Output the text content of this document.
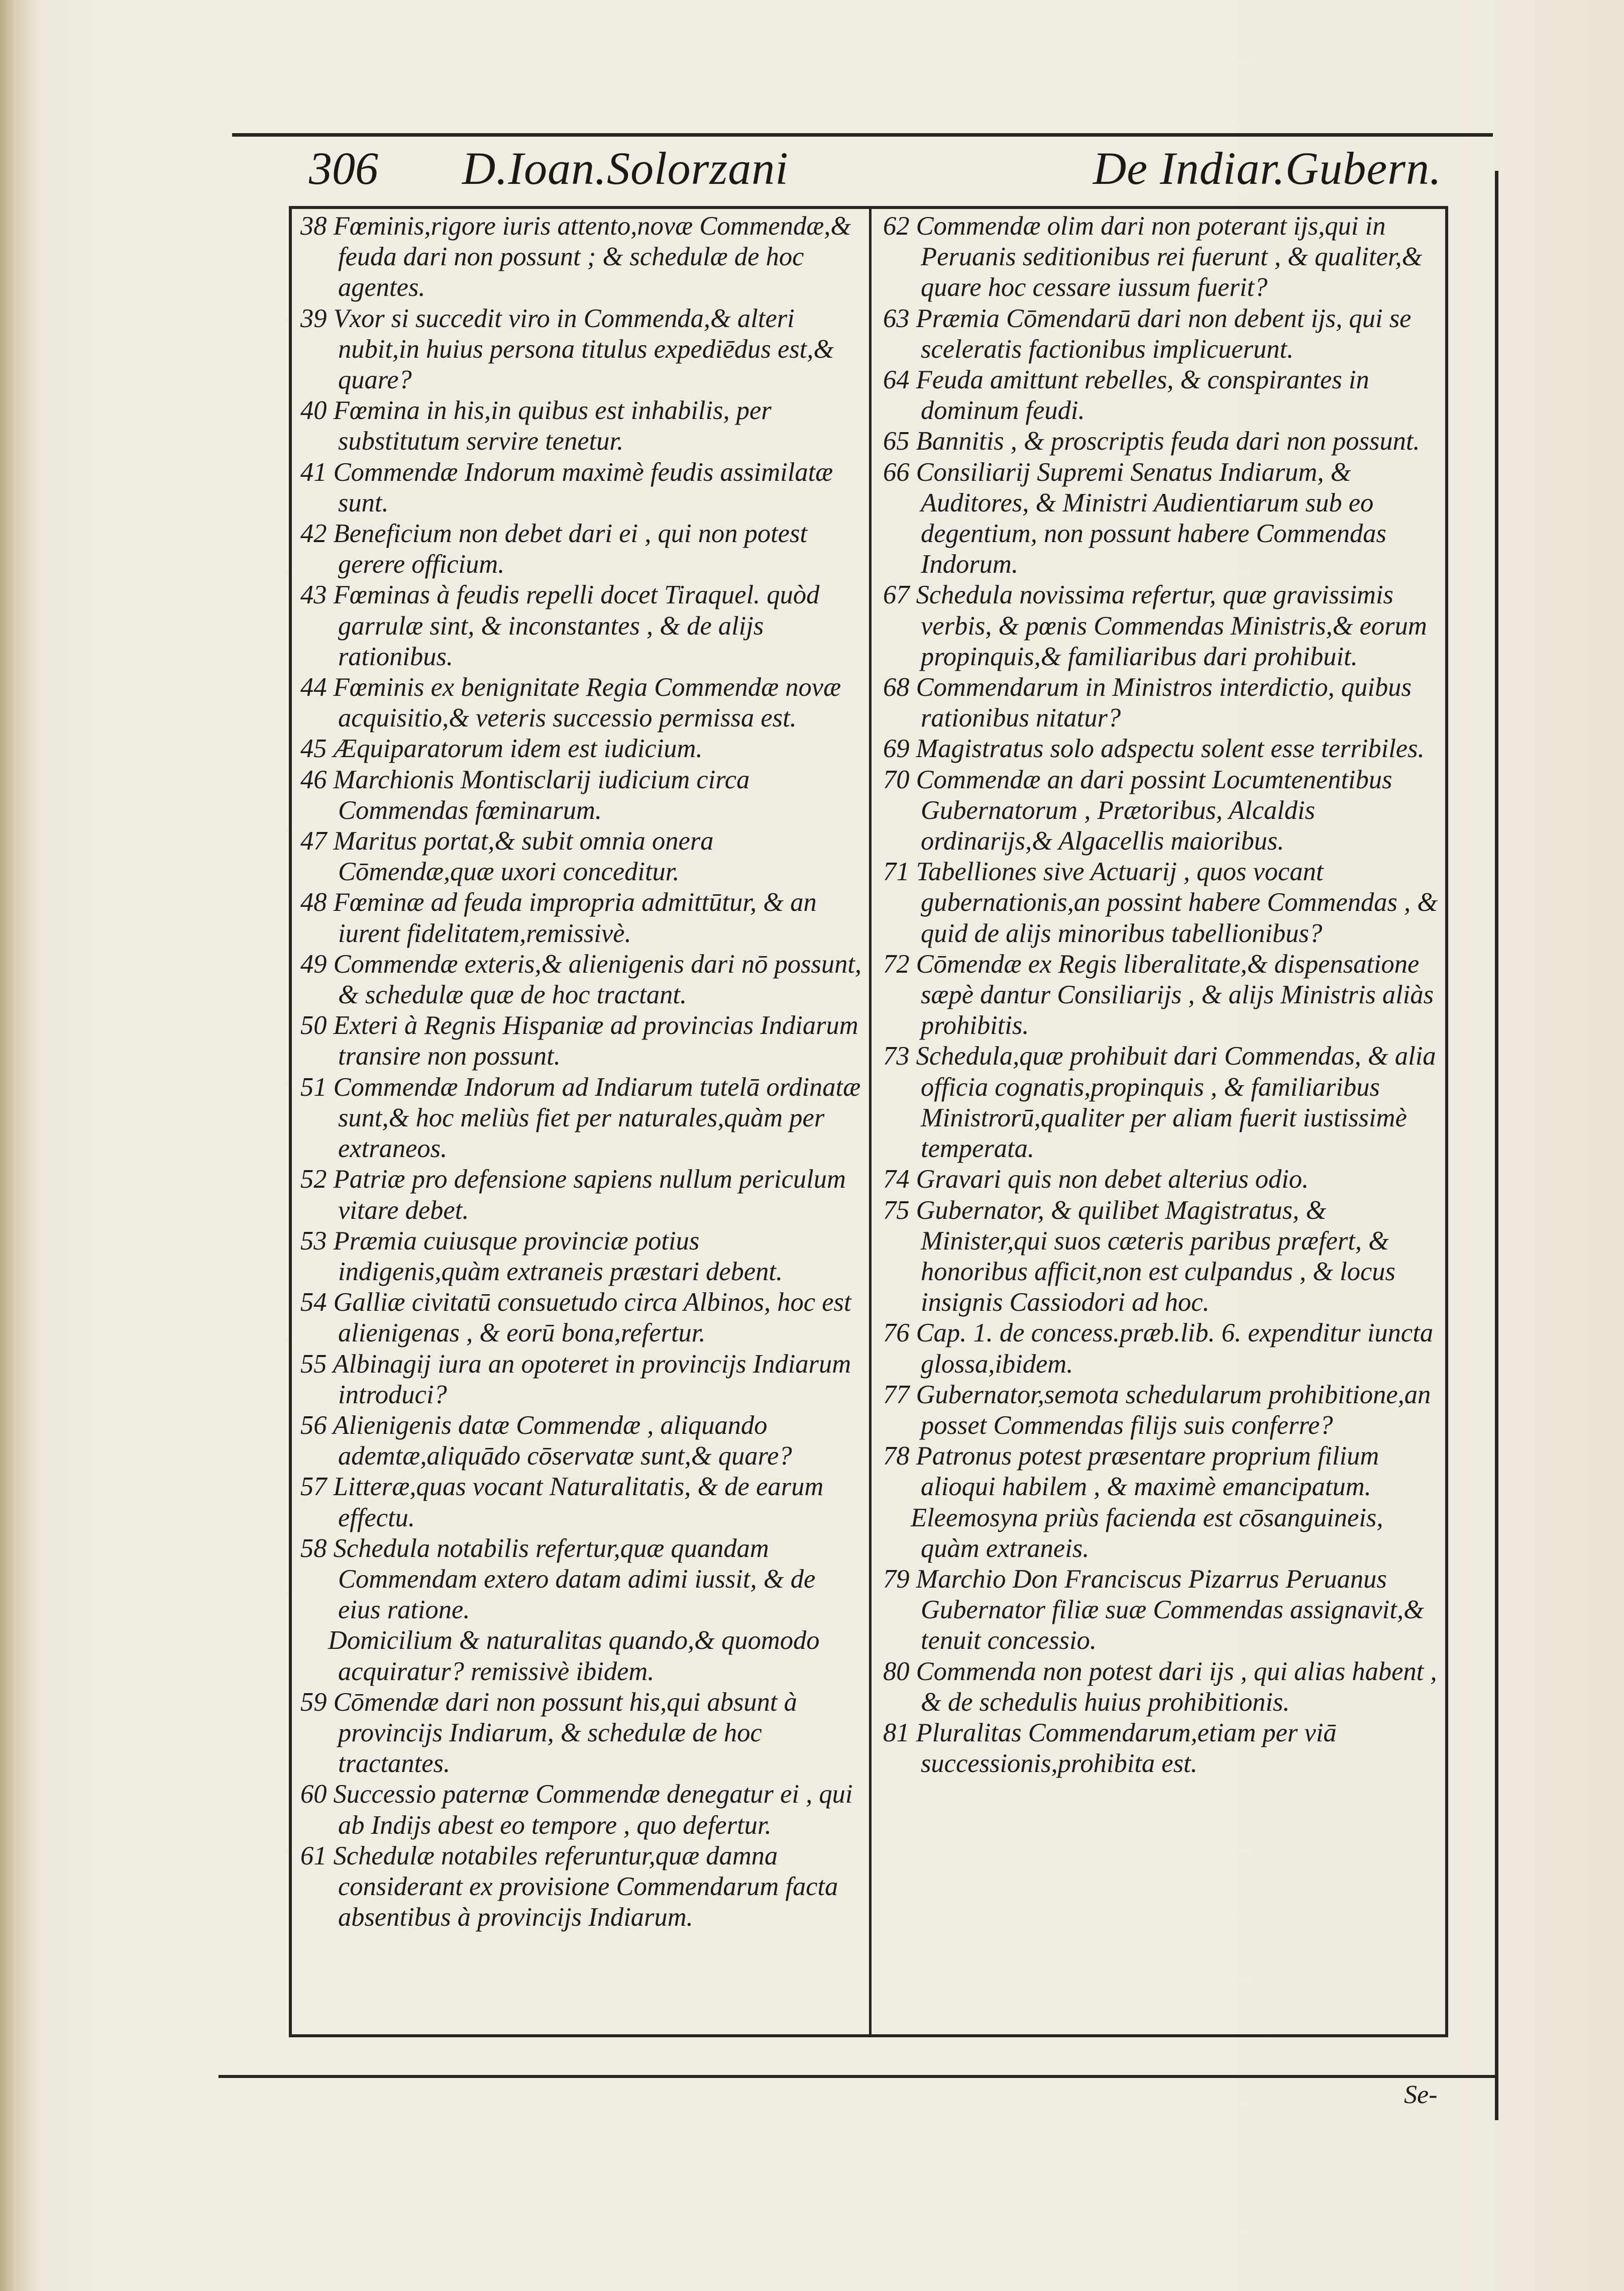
306 D.Ioan.Solorzani	De Indiar.Gubern.

38 Fœminis,rigore iuris attento,novæ Commendæ,& feuda dari non possunt ; & schedulæ de hoc agentes.

39 Vxor si succedit viro in Commenda,& alteri nubit,in huius persona titulus expediēdus est,& quare?

40 Fœmina in his,in quibus est inhabilis, per substitutum servire tenetur.

41 Commendæ Indorum maximè feudis assimilatæ sunt.

42 Beneficium non debet dari ei , qui non potest gerere officium.

43 Fœminas à feudis repelli docet Tiraquel. quòd garrulæ sint, & inconstantes , & de alijs rationibus.

44 Fœminis ex benignitate Regia Commendæ novæ acquisitio,& veteris successio permissa est.

45 Æquiparatorum idem est iudicium.

46 Marchionis Montisclarij iudicium circa Commendas fœminarum.

47 Maritus portat,& subit omnia onera Cōmendæ,quæ uxori conceditur.

48 Fœminæ ad feuda impropria admittūtur, & an iurent fidelitatem,remissivè.

49 Commendæ exteris,& alienigenis dari nō possunt, & schedulæ quæ de hoc tractant.

50 Exteri à Regnis Hispaniæ ad provincias Indiarum transire non possunt.

51 Commendæ Indorum ad Indiarum tutelā ordinatæ sunt,& hoc meliùs fiet per naturales,quàm per extraneos.

52 Patriæ pro defensione sapiens nullum periculum vitare debet.

53 Præmia cuiusque provinciæ potius indigenis,quàm extraneis præstari debent.

54 Galliæ civitatū consuetudo circa Albinos, hoc est alienigenas , & eorū bona,refertur.

55 Albinagij iura an opoteret in provincijs Indiarum introduci?

56 Alienigenis datæ Commendæ , aliquando ademtæ,aliquādo cōservatæ sunt,& quare?

57 Litteræ,quas vocant Naturalitatis, & de earum effectu.

58 Schedula notabilis refertur,quæ quandam Commendam extero datam adimi iussit, & de eius ratione.

Domicilium & naturalitas quando,& quomodo acquiratur? remissivè ibidem.

59 Cōmendæ dari non possunt his,qui absunt à provincijs Indiarum, & schedulæ de hoc tractantes.

60 Successio paternæ Commendæ denegatur ei , qui ab Indijs abest eo tempore , quo defertur.

61 Schedulæ notabiles referuntur,quæ damna considerant ex provisione Commendarum facta absentibus à provincijs Indiarum.

62 Commendæ olim dari non poterant ijs,qui in Peruanis seditionibus rei fuerunt , & qualiter,& quare hoc cessare iussum fuerit?

63 Præmia Cōmendarū dari non debent ijs, qui se sceleratis factionibus implicuerunt.

64 Feuda amittunt rebelles, & conspirantes in dominum feudi.

65 Bannitis , & proscriptis feuda dari non possunt.

66 Consiliarij Supremi Senatus Indiarum, & Auditores, & Ministri Audientiarum sub eo degentium, non possunt habere Commendas Indorum.

67 Schedula novissima refertur, quæ gravissimis verbis, & pœnis Commendas Ministris,& eorum propinquis,& familiaribus dari prohibuit.

68 Commendarum in Ministros interdictio, quibus rationibus nitatur?

69 Magistratus solo adspectu solent esse terribiles.

70 Commendæ an dari possint Locumtenentibus Gubernatorum , Prætoribus, Alcaldis ordinarijs,& Algacellis maioribus.

71 Tabelliones sive Actuarij , quos vocant gubernationis,an possint habere Commendas , & quid de alijs minoribus tabellionibus?

72 Cōmendæ ex Regis liberalitate,& dispensatione sæpè dantur Consiliarijs , & alijs Ministris aliàs prohibitis.

73 Schedula,quæ prohibuit dari Commendas, & alia officia cognatis,propinquis , & familiaribus Ministrorū,qualiter per aliam fuerit iustissimè temperata.

74 Gravari quis non debet alterius odio.

75 Gubernator, & quilibet Magistratus, & Minister,qui suos cæteris paribus præfert, & honoribus afficit,non est culpandus , & locus insignis Cassiodori ad hoc.

76 Cap. 1. de concess.præb.lib. 6. expenditur iuncta glossa,ibidem.

77 Gubernator,semota schedularum prohibitione,an posset Commendas filijs suis conferre?

78 Patronus potest præsentare proprium filium alioqui habilem , & maximè emancipatum.

Eleemosyna priùs facienda est cōsanguineis, quàm extraneis.

79 Marchio Don Franciscus Pizarrus Peruanus Gubernator filiæ suæ Commendas assignavit,& tenuit concessio.

80 Commenda non potest dari ijs , qui alias habent , & de schedulis huius prohibitionis.

81 Pluralitas Commendarum,etiam per viā successionis,prohibita est.

Se-
